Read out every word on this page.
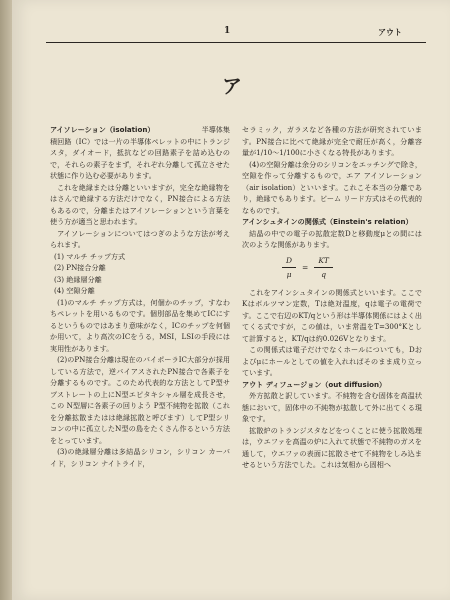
1	アウト
ア

アイソレーション（isolation）	半導体集

積回路（IC）では一片の半導体ペレットの中にトランジスタ，ダイオード，抵抗などの回路素子を詰め込むので，それらの素子をまず，それぞれ分離して孤立させた状態に作り込む必要があります。

これを絶縁または分離といいますが，完全な絶縁物をはさんで絶縁する方法だけでなく，PN接合による方法もあるので，分離またはアイソレーションという言葉を使う方が適当と思われます。

アイソレーションについてはつぎのような方法が考えられます。

(1) マルチ チップ方式

(2) PN接合分離

(3) 絶縁層分離

(4) 空隙分離

(1)のマルチ チップ方式は，何個かのチップ，すなわちペレットを用いるものです。個別部品を集めてICにするというものではあまり意味がなく，ICのチップを何個か用いて，より高次のICをうる，MSI，LSIの手段には実用性があります。

(2)のPN接合分離は現在のバイポーラIC大部分が採用している方法で，逆バイアスされたPN接合で各素子を分離するものです。このため代表的な方法としてP型サブストレートの上にN型エピタキシャル層を成長させ，この N型層に各素子の回りよう P型不純物を拡散（これを分離拡散またはは絶縁拡散と呼びます）してP型シリコンの中に孤立したN型の島をたくさん作るという方法をとっています。

(3)の絶縁層分離は多結晶シリコン，シリコン カーバイド，シリコン ナイトライド，

セラミック，ガラスなど各種の方法が研究されています。PN接合に比べて絶縁が完全で耐圧が高く，分離容量が1/10〜1/100に小さくなる特長があります。

(4)の空隙分離は余分のシリコンをエッチングで除き，空隙を作って分離するもので，エア アイソレーション（air isolation）といいます。これこそ本当の分離であり，絶縁でもあります。ビーム リード方式はその代表的なものです。

アインシュタインの関係式（Einstein's relation）

結晶の中での電子の拡散定数Dと移動度μとの間には次のような関係があります。

$\frac{D}{\mu} = \frac{KT}{q}$

これをアインシュタインの関係式といいます。ここでKはボルツマン定数，Tは絶対温度，qは電子の電荷です。ここで右辺のKT/qという形は半導体関係にはよく出てくる式ですが，この値は，いま常温をT=300°Kとして計算すると，KT/qは約0.026Vとなります。

この関係式は電子だけでなくホールについても，Dおよびμにホールとしての値を入れればそのまま成り立っています。

アウト ディフュージョン（out diffusion）

外方拡散と訳しています。不純物を含む固体を高温状態において，固体中の不純物が拡散して外に出てくる現象です。

拡散炉のトランジスタなどをつくことに使う拡散処理は，ウエファを高温の炉に入れて状態で不純物のガスを通して，ウエファの表面に拡散させて不純物をしみ込ませるという方法でした。これは気相から固相へ
